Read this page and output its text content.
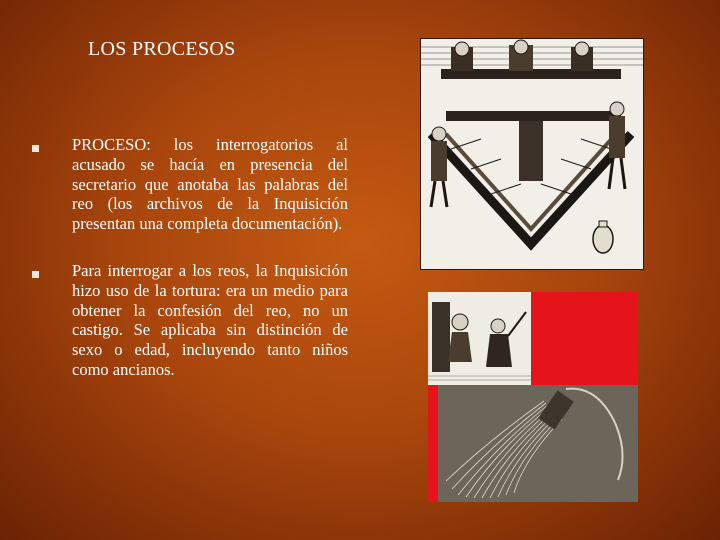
LOS PROCESOS
PROCESO: los interrogatorios al acusado se hacía en presencia del secretario que anotaba las palabras del reo (los archivos de la Inquisición presentan una completa documentación).
Para interrogar a los reos, la Inquisición hizo uso de la tortura: era un medio para obtener la confesión del reo, no un castigo. Se aplicaba sin distinción de sexo o edad, incluyendo tanto niños como ancianos.
